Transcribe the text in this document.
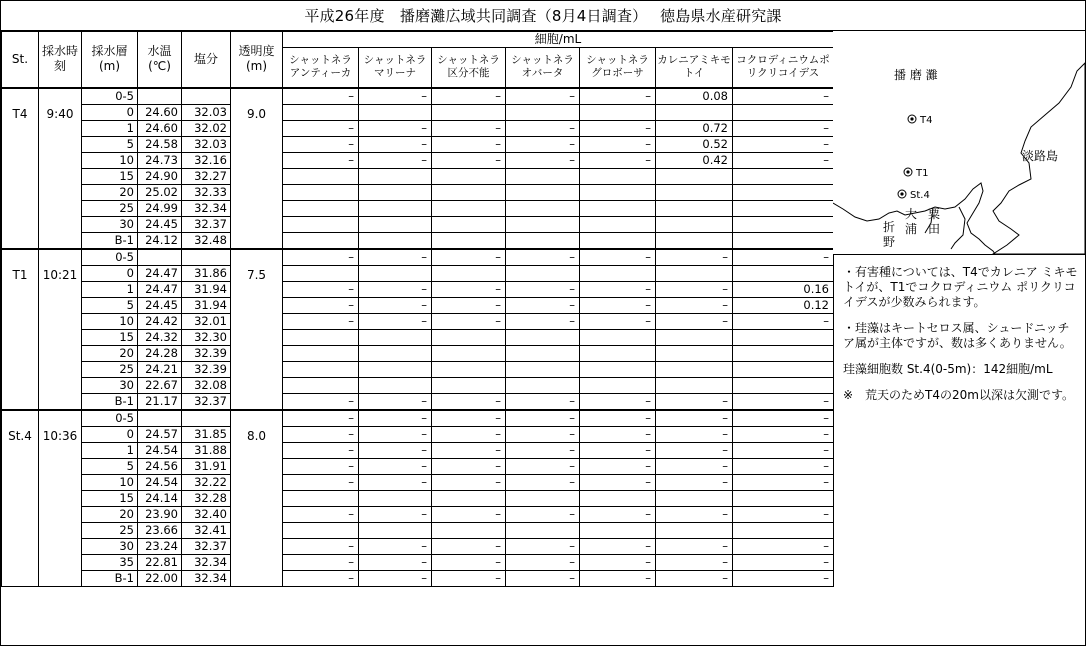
平成26年度　播磨灘広域共同調査（8月4日調査）　 徳島県水産研究課
St.	採水時刻	採水層(m)	水温(℃)	塩分	透明度(m)	細胞/mL						
						シャットネラアンティーカ	シャットネラマリーナ	シャットネラ区分不能	シャットネラオバータ	シャットネラグロボーサ	カレニアミキモトイ	コクロディニウムポリクリコイデス
T4	9:40	0-5			9.0	–	–	–	–	–	0.08	–
		0	24.60	32.03								
		1	24.60	32.02		–	–	–	–	–	0.72	–
		5	24.58	32.03		–	–	–	–	–	0.52	–
		10	24.73	32.16		–	–	–	–	–	0.42	–
		15	24.90	32.27								
		20	25.02	32.33								
		25	24.99	32.34								
		30	24.45	32.37								
		B-1	24.12	32.48								
T1	10:21	0-5			7.5	–	–	–	–	–	–	–
		0	24.47	31.86								
		1	24.47	31.94		–	–	–	–	–	–	0.16
		5	24.45	31.94		–	–	–	–	–	–	0.12
		10	24.42	32.01		–	–	–	–	–	–	–
		15	24.32	32.30								
		20	24.28	32.39								
		25	24.21	32.39								
		30	22.67	32.08								
		B-1	21.17	32.37		–	–	–	–	–	–	–
St.4	10:36	0-5			8.0	–	–	–	–	–	–	–
		0	24.57	31.85		–	–	–	–	–	–	–
		1	24.54	31.88		–	–	–	–	–	–	–
		5	24.56	31.91		–	–	–	–	–	–	–
		10	24.54	32.22		–	–	–	–	–	–	–
		15	24.14	32.28								
		20	23.90	32.40		–	–	–	–	–	–	–
		25	23.66	32.41								
		30	23.24	32.37		–	–	–	–	–	–	–
		35	22.81	32.34		–	–	–	–	–	–	–
		B-1	22.00	32.34		–	–	–	–	–	–	–
播 磨 灘
淡路島
T4
T1
St.4
大
浦
粟
田
折
野

・有害種については、T4でカレニア ミキモトイが、T1でコクロディニウム ポリクリコイデスが少数みられます。

・珪藻はキートセロス属、シュードニッチア属が主体ですが、数は多くありません。

珪藻細胞数 St.4(0-5m)：142細胞/mL

※　荒天のためT4の20m以深は欠測です。
